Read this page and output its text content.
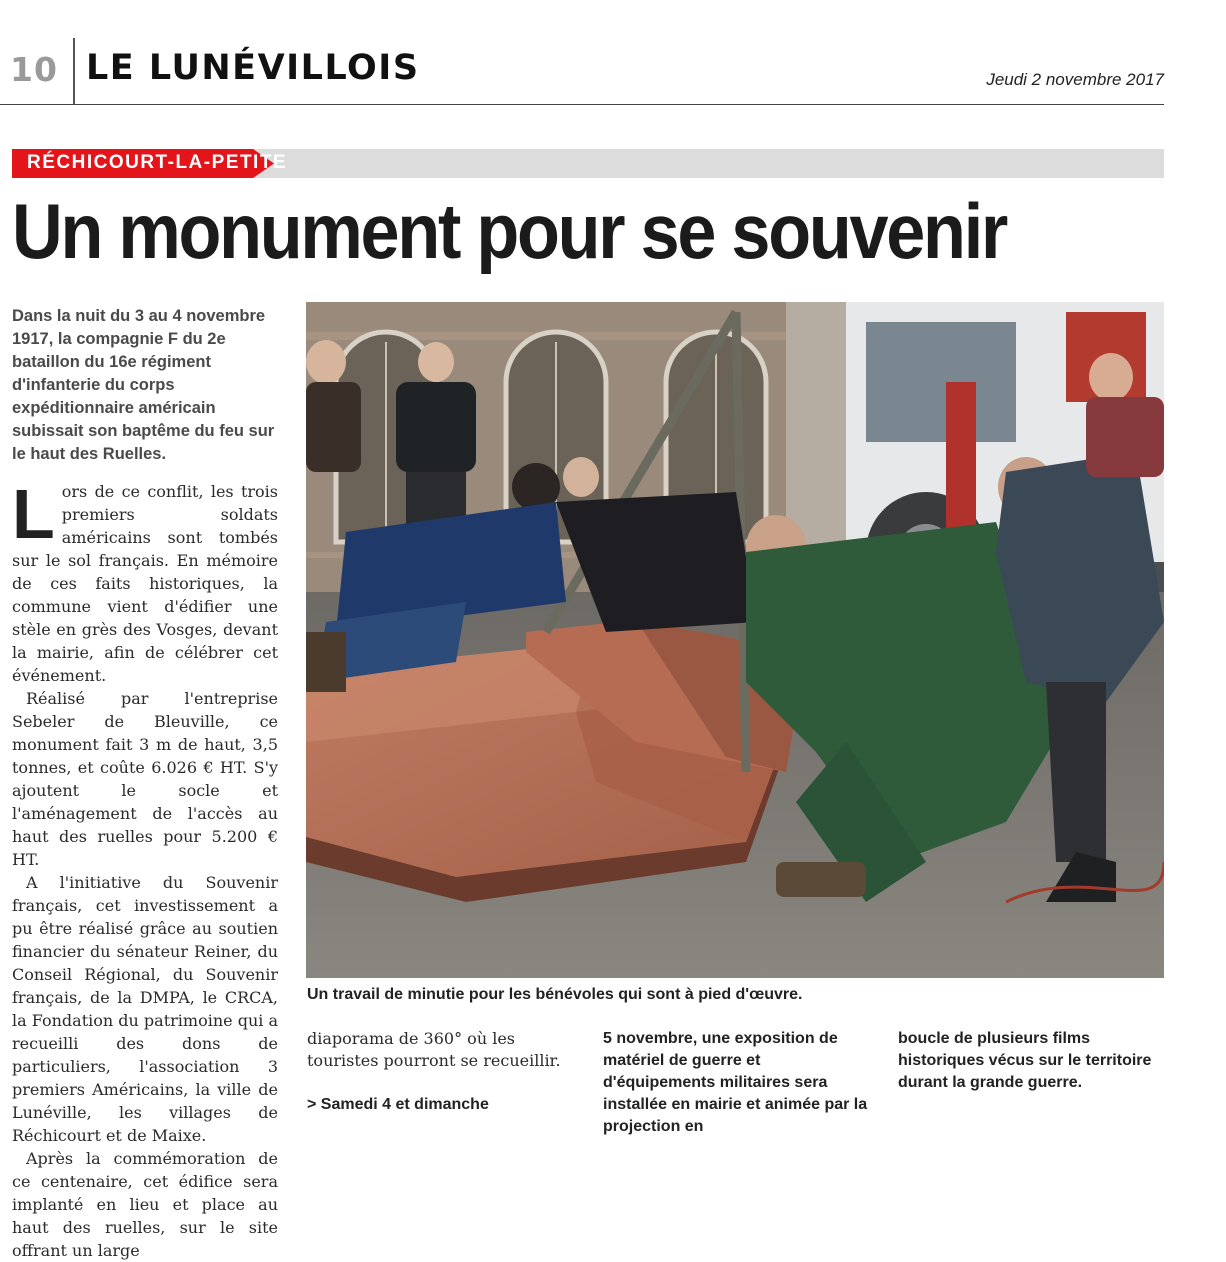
10 LE LUNÉVILLOIS	Jeudi 2 novembre 2017
RÉCHICOURT-LA-PETITE
Un monument pour se souvenir

Dans la nuit du 3 au 4 novembre 1917, la compagnie F du 2e bataillon du 16e régiment d'infanterie du corps expéditionnaire américain subissait son baptême du feu sur le haut des Ruelles.

Lors de ce conflit, les trois premiers soldats américains sont tombés sur le sol français. En mémoire de ces faits historiques, la commune vient d'édifier une stèle en grès des Vosges, devant la mairie, afin de célébrer cet événement.

Réalisé par l'entreprise Sebeler de Bleuville, ce monument fait 3 m de haut, 3,5 tonnes, et coûte 6.026 € HT. S'y ajoutent le socle et l'aménagement de l'accès au haut des ruelles pour 5.200 € HT.

A l'initiative du Souvenir français, cet investissement a pu être réalisé grâce au soutien financier du sénateur Reiner, du Conseil Régional, du Souvenir français, de la DMPA, le CRCA, la Fondation du patrimoine qui a recueilli des dons de particuliers, l'association 3 premiers Américains, la ville de Lunéville, les villages de Réchicourt et de Maixe.

Après la commémoration de ce centenaire, cet édifice sera implanté en lieu et place au haut des ruelles, sur le site offrant un large

Un travail de minutie pour les bénévoles qui sont à pied d'œuvre.

diaporama de 360° où les touristes pourront se recueillir.

> Samedi 4 et dimanche

5 novembre, une exposition de matériel de guerre et d'équipements militaires sera installée en mairie et animée par la projection en

boucle de plusieurs films historiques vécus sur le territoire durant la grande guerre.
